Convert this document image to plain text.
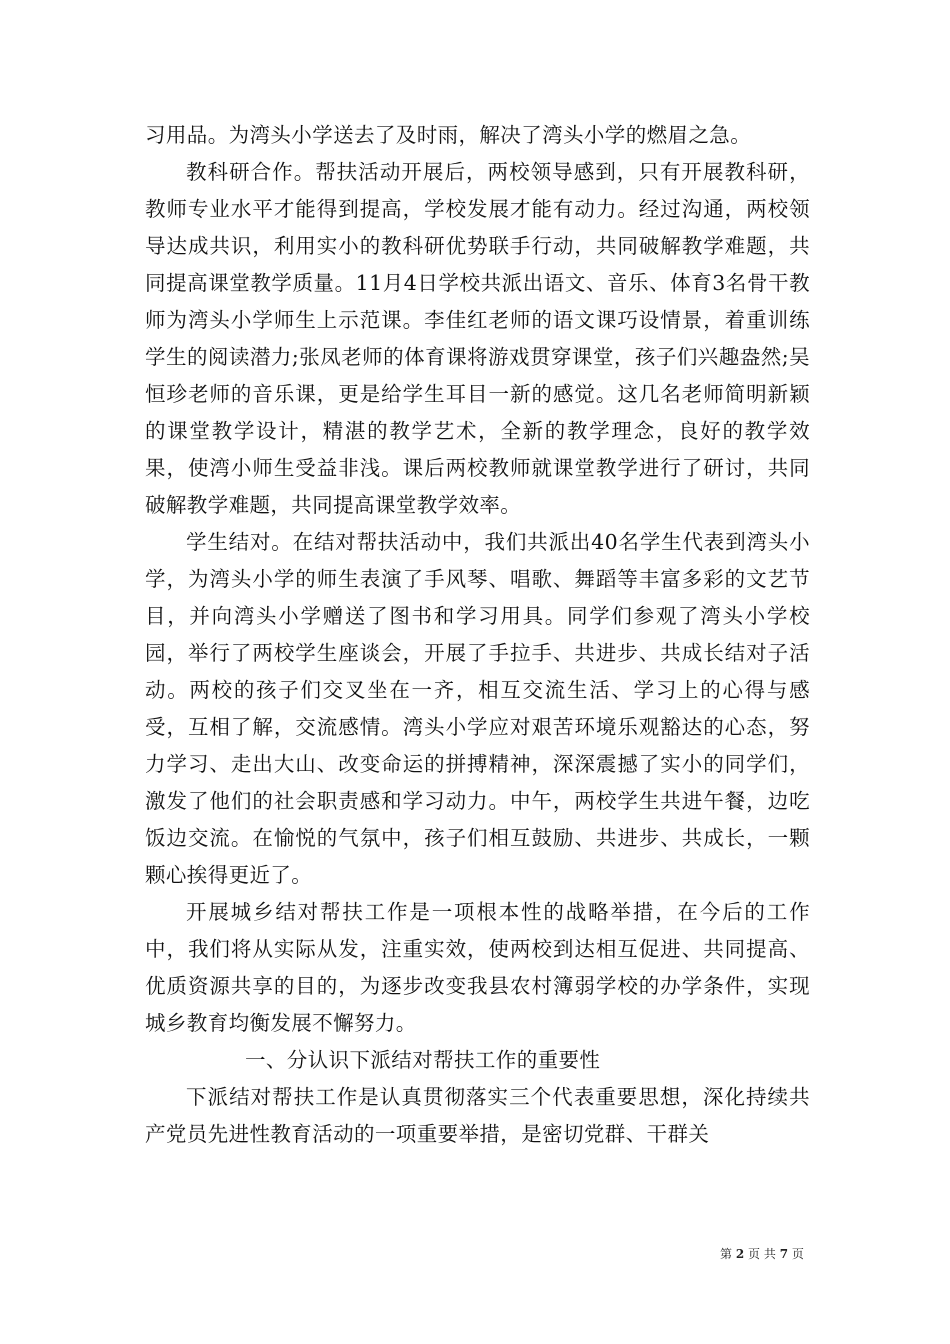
习用品。为湾头小学送去了及时雨，解决了湾头小学的燃眉之急。

教科研合作。帮扶活动开展后，两校领导感到，只有开展教科研，教师专业水平才能得到提高，学校发展才能有动力。经过沟通，两校领导达成共识，利用实小的教科研优势联手行动，共同破解教学难题，共同提高课堂教学质量。11月4日学校共派出语文、音乐、体育3名骨干教师为湾头小学师生上示范课。李佳红老师的语文课巧设情景，着重训练学生的阅读潜力;张凤老师的体育课将游戏贯穿课堂，孩子们兴趣盎然;吴恒珍老师的音乐课，更是给学生耳目一新的感觉。这几名老师简明新颖的课堂教学设计，精湛的教学艺术，全新的教学理念，良好的教学效果，使湾小师生受益非浅。课后两校教师就课堂教学进行了研讨，共同破解教学难题，共同提高课堂教学效率。

学生结对。在结对帮扶活动中，我们共派出40名学生代表到湾头小学，为湾头小学的师生表演了手风琴、唱歌、舞蹈等丰富多彩的文艺节目，并向湾头小学赠送了图书和学习用具。同学们参观了湾头小学校园，举行了两校学生座谈会，开展了手拉手、共进步、共成长结对子活动。两校的孩子们交叉坐在一齐，相互交流生活、学习上的心得与感受，互相了解，交流感情。湾头小学应对艰苦环境乐观豁达的心态，努力学习、走出大山、改变命运的拼搏精神，深深震撼了实小的同学们，激发了他们的社会职责感和学习动力。中午，两校学生共进午餐，边吃饭边交流。在愉悦的气氛中，孩子们相互鼓励、共进步、共成长，一颗颗心挨得更近了。

开展城乡结对帮扶工作是一项根本性的战略举措，在今后的工作中，我们将从实际从发，注重实效，使两校到达相互促进、共同提高、优质资源共享的目的，为逐步改变我县农村簿弱学校的办学条件，实现城乡教育均衡发展不懈努力。

一、分认识下派结对帮扶工作的重要性

下派结对帮扶工作是认真贯彻落实三个代表重要思想，深化持续共产党员先进性教育活动的一项重要举措，是密切党群、干群关

第 2 页 共 7 页
